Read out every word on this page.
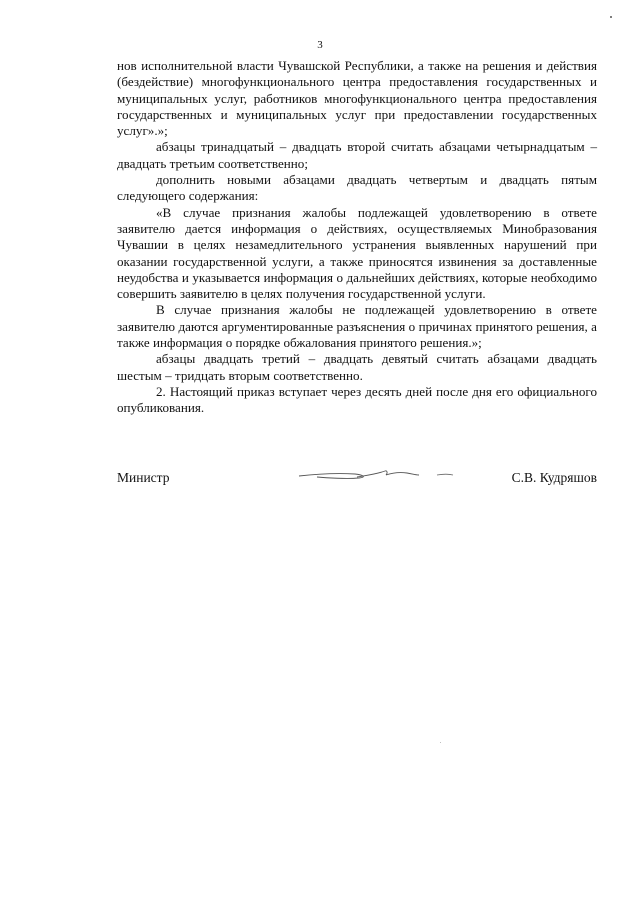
3

нов исполнительной власти Чувашской Республики, а также на решения и действия (бездействие) многофункционального центра предоставления государственных и муниципальных услуг, работников многофункционального центра предоставления государственных и муниципальных услуг при предоставлении государственных услуг».»;

абзацы тринадцатый – двадцать второй считать абзацами четырнадцатым – двадцать третьим соответственно;

дополнить новыми абзацами двадцать четвертым и двадцать пятым следующего содержания:

«В случае признания жалобы подлежащей удовлетворению в ответе заявителю дается информация о действиях, осуществляемых Минобразования Чувашии в целях незамедлительного устранения выявленных нарушений при оказании государственной услуги, а также приносятся извинения за доставленные неудобства и указывается информация о дальнейших действиях, которые необходимо совершить заявителю в целях получения государственной услуги.

В случае признания жалобы не подлежащей удовлетворению в ответе заявителю даются аргументированные разъяснения о причинах принятого решения, а также информация о порядке обжалования принятого решения.»;

абзацы двадцать третий – двадцать девятый считать абзацами двадцать шестым – тридцать вторым соответственно.

2. Настоящий приказ вступает через десять дней после дня его официального опубликования.

Министр	С.В. Кудряшов
